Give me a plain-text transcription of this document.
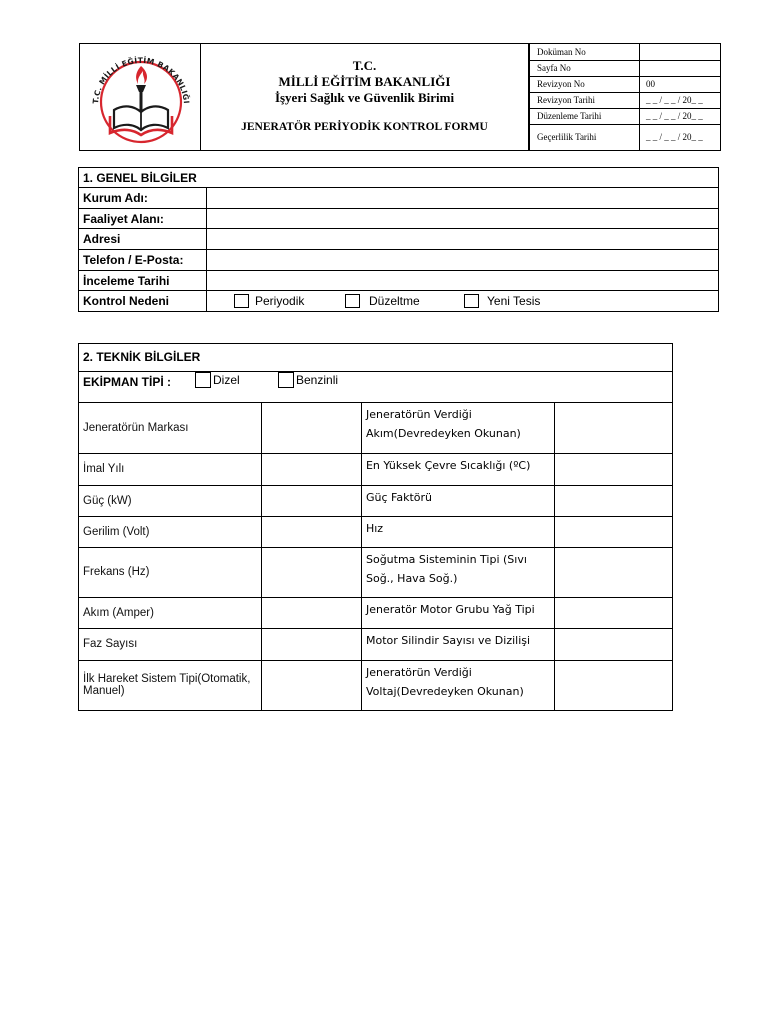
T.C. MİLLİ EĞİTİM BAKANLIĞI
T.C.
MİLLİ EĞİTİM BAKANLIĞI
İşyeri Sağlık ve Güvenlik Birimi
JENERATÖR PERİYODİK KONTROL FORMU
Doküman No	
Sayfa No	
Revizyon No	00
Revizyon Tarihi	_ _ / _ _ / 20_ _
Düzenleme Tarihi	_ _ / _ _ / 20_ _
Geçerlilik Tarihi	_ _ / _ _ / 20_ _
1. GENEL BİLGİLER	
Kurum Adı:	
Faaliyet Alanı:	
Adresi	
Telefon / E-Posta:	
İnceleme Tarihi	
Kontrol Nedeni	Periyodik Düzeltme Yeni Tesis
2. TEKNİK BİLGİLER
EKİPMAN TİPİ :	Dizel	Benzinli
Jeneratörün Markası		Jeneratörün Verdiği Akım(Devredeyken Okunan)	
İmal Yılı		En Yüksek Çevre Sıcaklığı (ºC)	
Güç (kW)		Güç Faktörü	
Gerilim (Volt)		Hız	
Frekans (Hz)		Soğutma Sisteminin Tipi (Sıvı Soğ., Hava Soğ.)	
Akım (Amper)		Jeneratör Motor Grubu Yağ Tipi	
Faz Sayısı		Motor Silindir Sayısı ve Dizilişi	
İlk Hareket Sistem Tipi(Otomatik, Manuel)		Jeneratörün Verdiği Voltaj(Devredeyken Okunan)	
